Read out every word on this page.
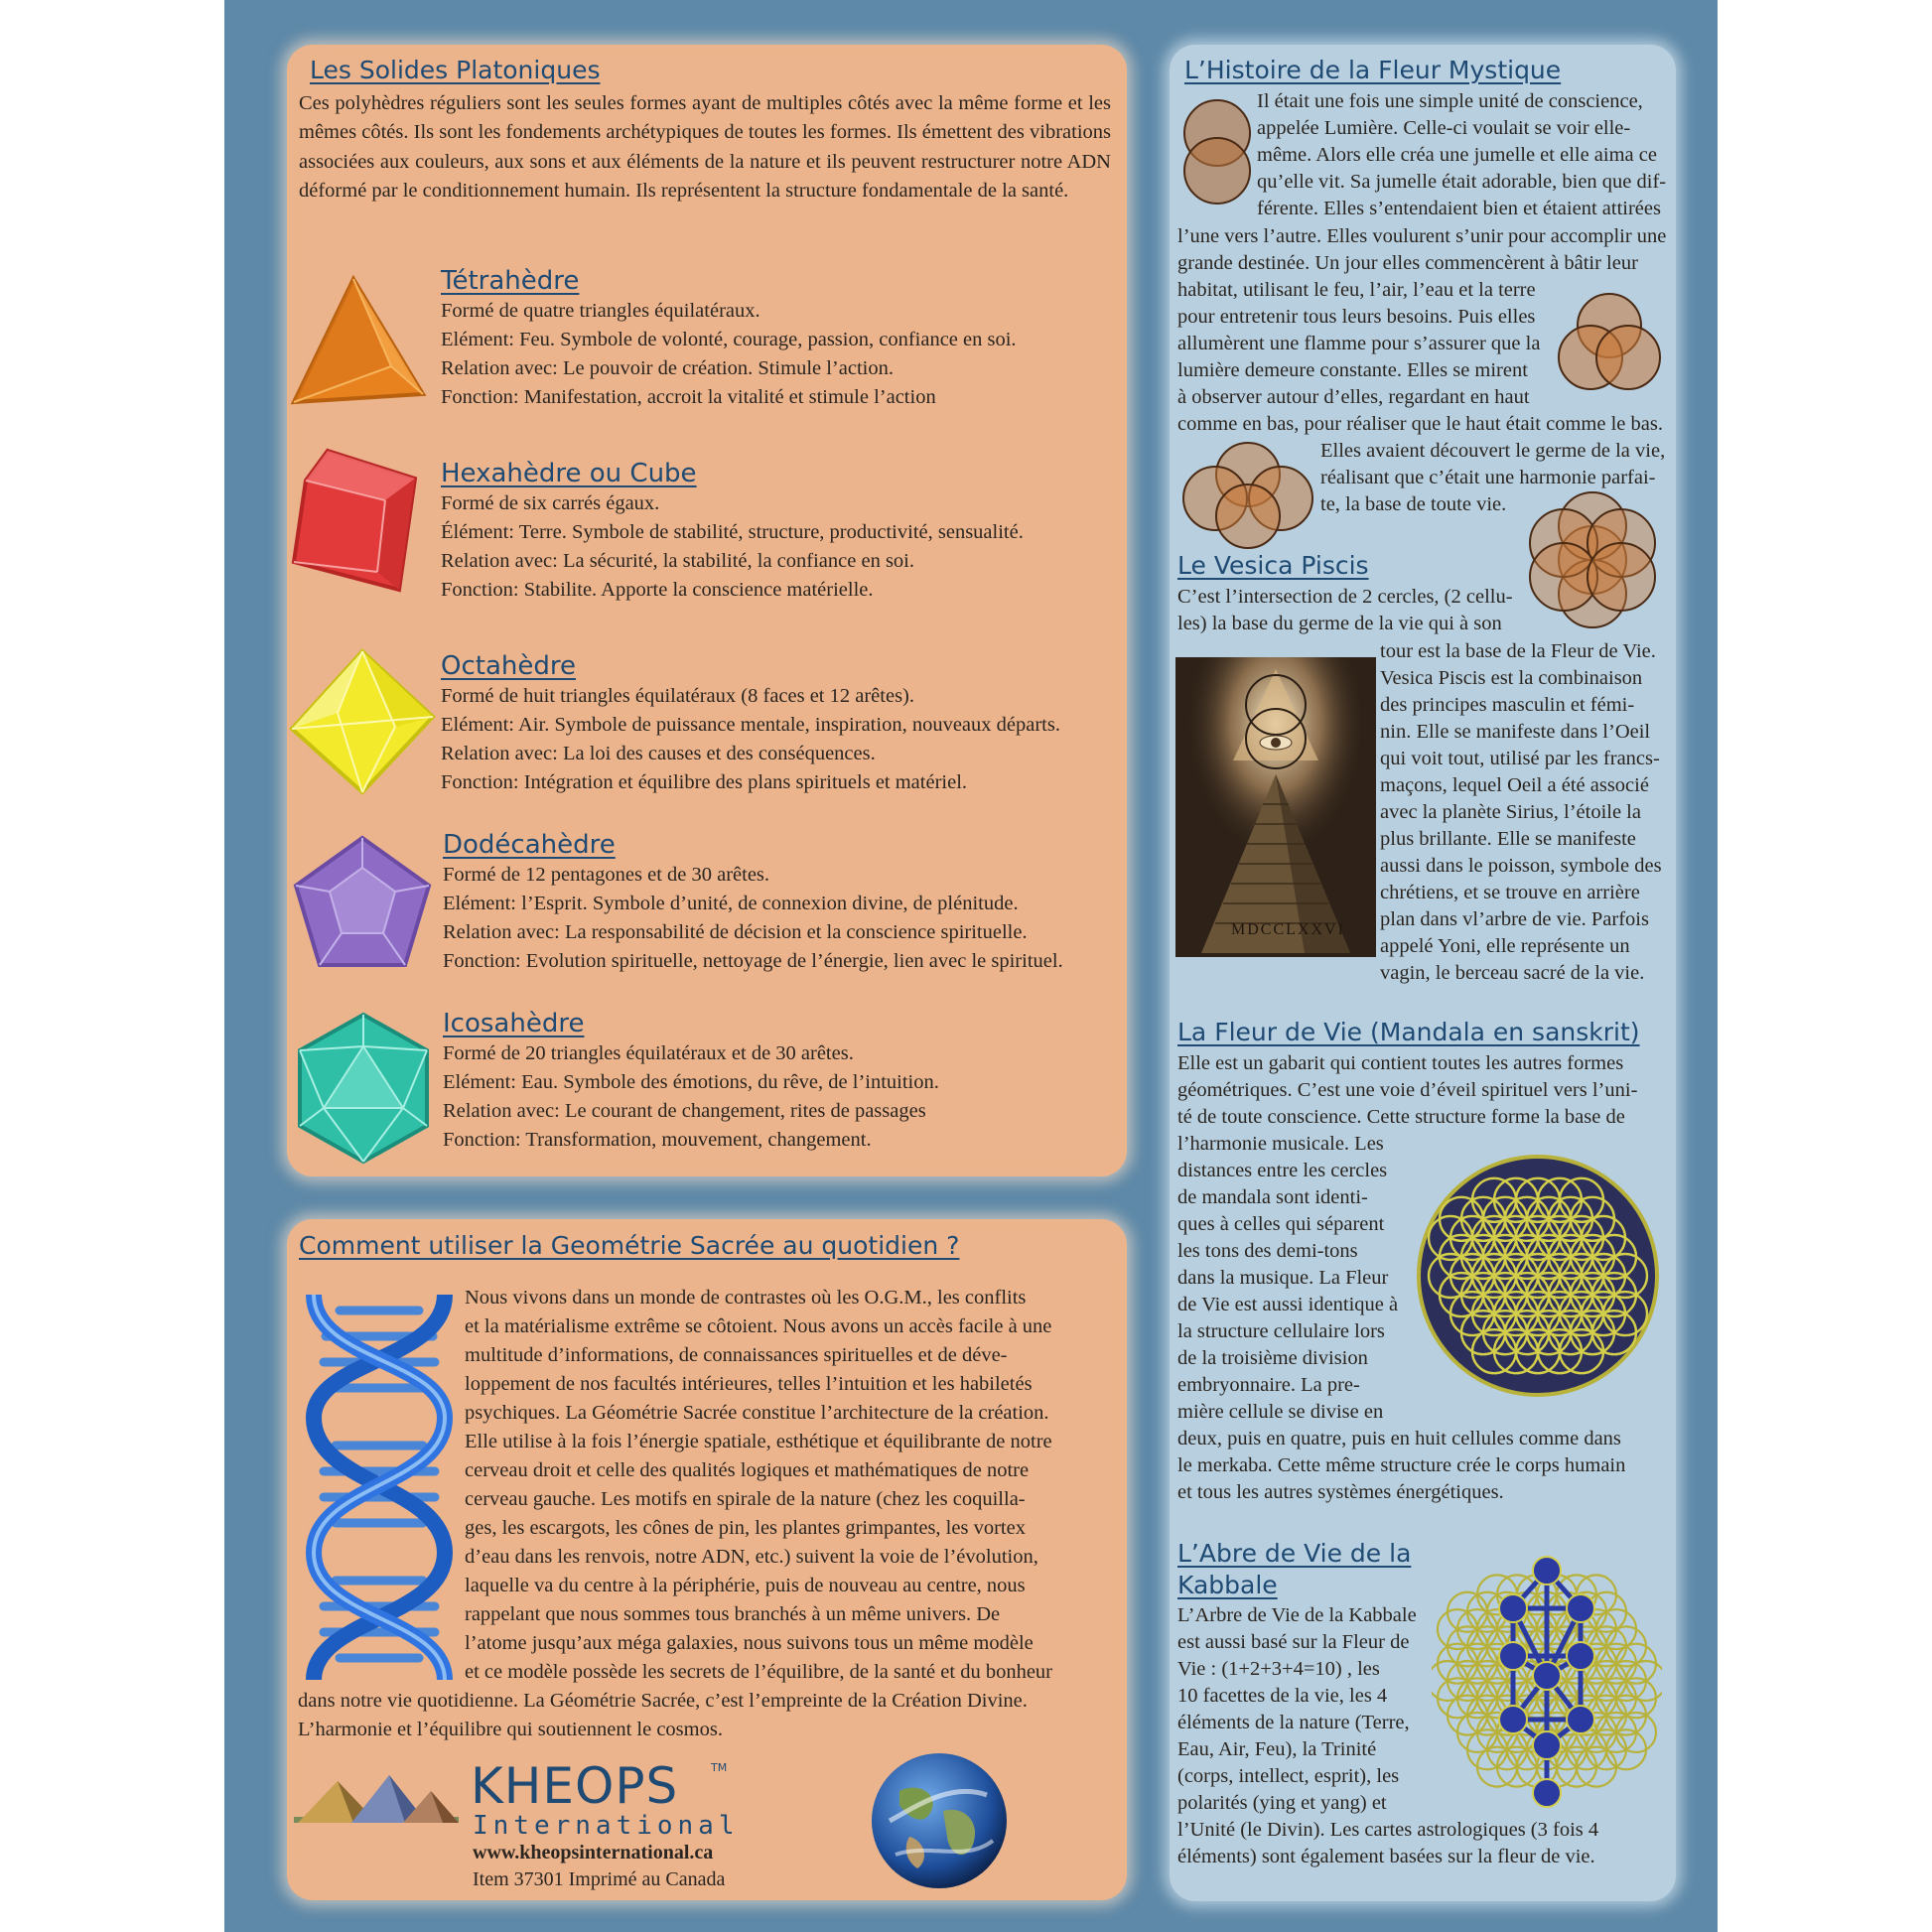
Les Solides Platoniques
Ces polyhèdres réguliers sont les seules formes ayant de multiples côtés avec la même forme et les mêmes côtés. Ils sont les fondements archétypiques de toutes les formes. Ils émettent des vibrations associées aux couleurs, aux sons et aux éléments de la nature et ils peuvent restructurer notre ADN déformé par le conditionnement humain. Ils représentent la structure fondamentale de la santé.
Tétrahèdre
Formé de quatre triangles équilatéraux.
Elément: Feu. Symbole de volonté, courage, passion, confiance en soi.
Relation avec: Le pouvoir de création. Stimule l’action.
Fonction: Manifestation, accroit la vitalité et stimule l’action
Hexahèdre ou Cube
Formé de six carrés égaux.
Élément: Terre. Symbole de stabilité, structure, productivité, sensualité.
Relation avec: La sécurité, la stabilité, la confiance en soi.
Fonction: Stabilite. Apporte la conscience matérielle.
Octahèdre
Formé de huit triangles équilatéraux (8 faces et 12 arêtes).
Elément: Air. Symbole de puissance mentale, inspiration, nouveaux départs.
Relation avec: La loi des causes et des conséquences.
Fonction: Intégration et équilibre des plans spirituels et matériel.
Dodécahèdre
Formé de 12 pentagones et de 30 arêtes.
Elément: l’Esprit. Symbole d’unité, de connexion divine, de plénitude.
Relation avec: La responsabilité de décision et la conscience spirituelle.
Fonction: Evolution spirituelle, nettoyage de l’énergie, lien avec le spirituel.
Icosahèdre
Formé de 20 triangles équilatéraux et de 30 arêtes.
Elément: Eau. Symbole des émotions, du rêve, de l’intuition.
Relation avec: Le courant de changement, rites de passages
Fonction: Transformation, mouvement, changement.
Comment utiliser la Geométrie Sacrée au quotidien ?
Nous vivons dans un monde de contrastes où les O.G.M., les conflits
et la matérialisme extrême se côtoient. Nous avons un accès facile à une
multitude d’informations, de connaissances spirituelles et de déve-
loppement de nos facultés intérieures, telles l’intuition et les habiletés
psychiques. La Géométrie Sacrée constitue l’architecture de la création.
Elle utilise à la fois l’énergie spatiale, esthétique et équilibrante de notre
cerveau droit et celle des qualités logiques et mathématiques de notre
cerveau gauche. Les motifs en spirale de la nature (chez les coquilla-
ges, les escargots, les cônes de pin, les plantes grimpantes, les vortex
d’eau dans les renvois, notre ADN, etc.) suivent la voie de l’évolution,
laquelle va du centre à la périphérie, puis de nouveau au centre, nous
rappelant que nous sommes tous branchés à un même univers. De
l’atome jusqu’aux méga galaxies, nous suivons tous un même modèle
et ce modèle possède les secrets de l’équilibre, de la santé et du bonheur
dans notre vie quotidienne. La Géométrie Sacrée, c’est l’empreinte de la Création Divine.
L’harmonie et l’équilibre qui soutiennent le cosmos.
KHEOPS	TM
International
www.kheopsinternational.ca
Item 37301 Imprimé au Canada
L’Histoire de la Fleur Mystique
Il était une fois une simple unité de conscience,
appelée Lumière. Celle-ci voulait se voir elle-
même. Alors elle créa une jumelle et elle aima ce
qu’elle vit. Sa jumelle était adorable, bien que dif-
férente. Elles s’entendaient bien et étaient attirées
l’une vers l’autre. Elles voulurent s’unir pour accomplir une
grande destinée. Un jour elles commencèrent à bâtir leur
habitat, utilisant le feu, l’air, l’eau et la terre
pour entretenir tous leurs besoins. Puis elles
allumèrent une flamme pour s’assurer que la
lumière demeure constante. Elles se mirent
à observer autour d’elles, regardant en haut
comme en bas, pour réaliser que le haut était comme le bas.
Elles avaient découvert le germe de la vie,
réalisant que c’était une harmonie parfai-
te, la base de toute vie.
Le Vesica Piscis
C’est l’intersection de 2 cercles, (2 cellu-
les) la base du germe de la vie qui à son
MDCCLXXVI
tour est la base de la Fleur de Vie.
Vesica Piscis est la combinaison
des principes masculin et fémi-
nin. Elle se manifeste dans l’Oeil
qui voit tout, utilisé par les francs-
maçons, lequel Oeil a été associé
avec la planète Sirius, l’étoile la
plus brillante. Elle se manifeste
aussi dans le poisson, symbole des
chrétiens, et se trouve en arrière
plan dans vl’arbre de vie. Parfois
appelé Yoni, elle représente un
vagin, le berceau sacré de la vie.
La Fleur de Vie (Mandala en sanskrit)
Elle est un gabarit qui contient toutes les autres formes
géométriques. C’est une voie d’éveil spirituel vers l’uni-
té de toute conscience. Cette structure forme la base de
l’harmonie musicale. Les
distances entre les cercles
de mandala sont identi-
ques à celles qui séparent
les tons des demi-tons
dans la musique. La Fleur
de Vie est aussi identique à
la structure cellulaire lors
de la troisième division
embryonnaire. La pre-
mière cellule se divise en
deux, puis en quatre, puis en huit cellules comme dans
le merkaba. Cette même structure crée le corps humain
et tous les autres systèmes énergétiques.
L’Abre de Vie de la
Kabbale
L’Arbre de Vie de la Kabbale
est aussi basé sur la Fleur de
Vie : (1+2+3+4=10) , les
10 facettes de la vie, les 4
éléments de la nature (Terre,
Eau, Air, Feu), la Trinité
(corps, intellect, esprit), les
polarités (ying et yang) et
l’Unité (le Divin). Les cartes astrologiques (3 fois 4
éléments) sont également basées sur la fleur de vie.
